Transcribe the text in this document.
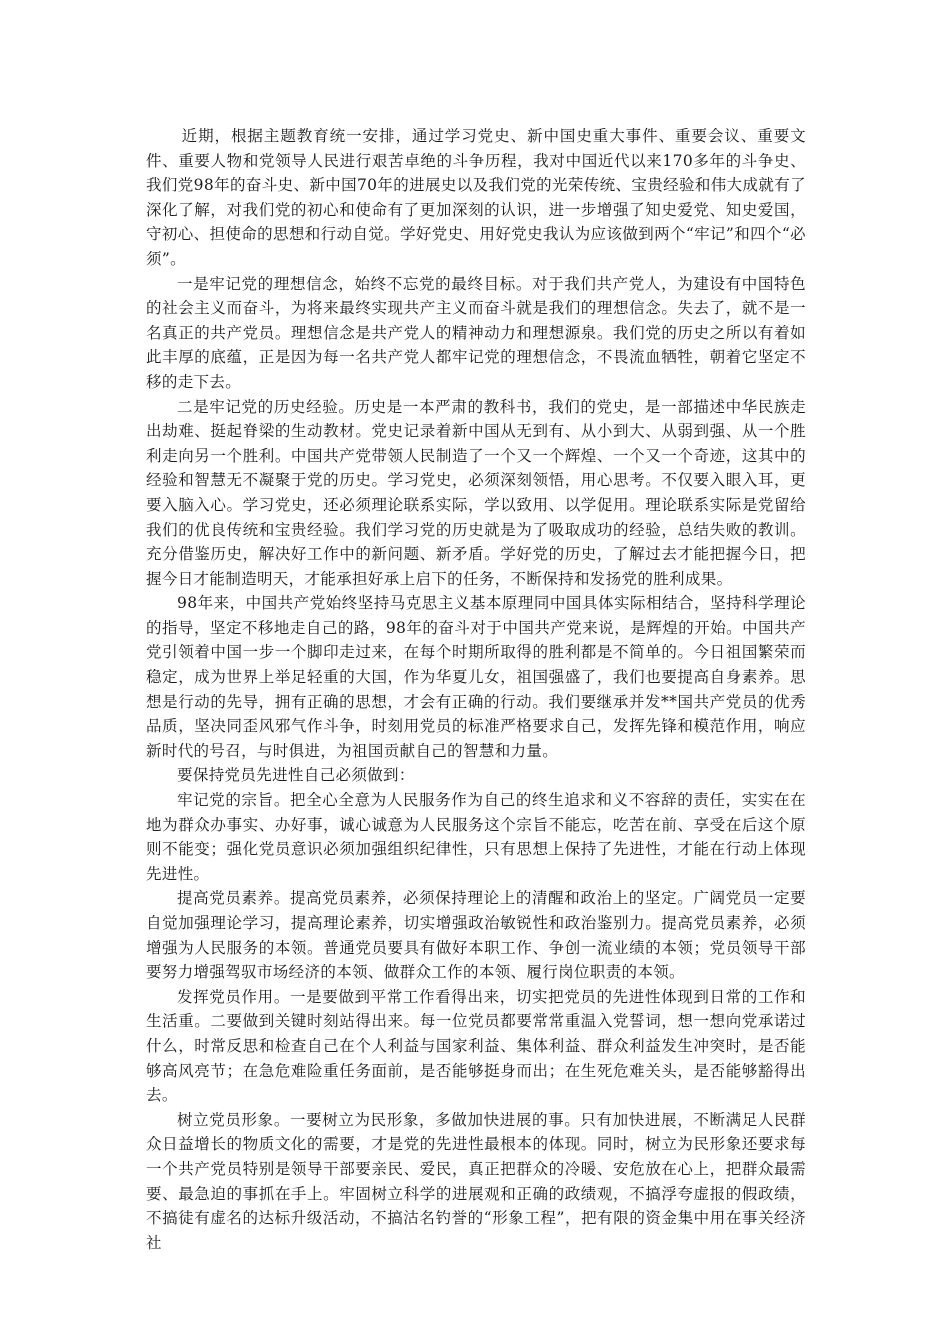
近期，根据主题教育统一安排，通过学习党史、新中国史重大事件、重要会议、重要文件、重要人物和党领导人民进行艰苦卓绝的斗争历程，我对中国近代以来170多年的斗争史、我们党98年的奋斗史、新中国70年的进展史以及我们党的光荣传统、宝贵经验和伟大成就有了深化了解，对我们党的初心和使命有了更加深刻的认识，进一步增强了知史爱党、知史爱国，守初心、担使命的思想和行动自觉。学好党史、用好党史我认为应该做到两个“牢记”和四个“必须”。

一是牢记党的理想信念，始终不忘党的最终目标。对于我们共产党人，为建设有中国特色的社会主义而奋斗，为将来最终实现共产主义而奋斗就是我们的理想信念。失去了，就不是一名真正的共产党员。理想信念是共产党人的精神动力和理想源泉。我们党的历史之所以有着如此丰厚的底蕴，正是因为每一名共产党人都牢记党的理想信念，不畏流血牺牲，朝着它坚定不移的走下去。

二是牢记党的历史经验。历史是一本严肃的教科书，我们的党史，是一部描述中华民族走出劫难、挺起脊梁的生动教材。党史记录着新中国从无到有、从小到大、从弱到强、从一个胜利走向另一个胜利。中国共产党带领人民制造了一个又一个辉煌、一个又一个奇迹，这其中的经验和智慧无不凝聚于党的历史。学习党史，必须深刻领悟，用心思考。不仅要入眼入耳，更要入脑入心。学习党史，还必须理论联系实际，学以致用、以学促用。理论联系实际是党留给我们的优良传统和宝贵经验。我们学习党的历史就是为了吸取成功的经验，总结失败的教训。充分借鉴历史，解决好工作中的新问题、新矛盾。学好党的历史，了解过去才能把握今日，把握今日才能制造明天，才能承担好承上启下的任务，不断保持和发扬党的胜利成果。

98年来，中国共产党始终坚持马克思主义基本原理同中国具体实际相结合，坚持科学理论的指导，坚定不移地走自己的路，98年的奋斗对于中国共产党来说，是辉煌的开始。中国共产党引领着中国一步一个脚印走过来，在每个时期所取得的胜利都是不简单的。今日祖国繁荣而稳定，成为世界上举足轻重的大国，作为华夏儿女，祖国强盛了，我们也要提高自身素养。思想是行动的先导，拥有正确的思想，才会有正确的行动。我们要继承并发**国共产党员的优秀品质，坚决同歪风邪气作斗争，时刻用党员的标准严格要求自己，发挥先锋和模范作用，响应新时代的号召，与时俱进，为祖国贡献自己的智慧和力量。

要保持党员先进性自己必须做到：

牢记党的宗旨。把全心全意为人民服务作为自己的终生追求和义不容辞的责任，实实在在地为群众办事实、办好事，诚心诚意为人民服务这个宗旨不能忘，吃苦在前、享受在后这个原则不能变；强化党员意识必须加强组织纪律性，只有思想上保持了先进性，才能在行动上体现先进性。

提高党员素养。提高党员素养，必须保持理论上的清醒和政治上的坚定。广阔党员一定要自觉加强理论学习，提高理论素养，切实增强政治敏锐性和政治鉴别力。提高党员素养，必须增强为人民服务的本领。普通党员要具有做好本职工作、争创一流业绩的本领；党员领导干部要努力增强驾驭市场经济的本领、做群众工作的本领、履行岗位职责的本领。

发挥党员作用。一是要做到平常工作看得出来，切实把党员的先进性体现到日常的工作和生活重。二要做到关键时刻站得出来。每一位党员都要常常重温入党誓词，想一想向党承诺过什么，时常反思和检查自己在个人利益与国家利益、集体利益、群众利益发生冲突时，是否能够高风亮节；在急危难险重任务面前，是否能够挺身而出；在生死危难关头，是否能够豁得出去。

树立党员形象。一要树立为民形象，多做加快进展的事。只有加快进展，不断满足人民群众日益增长的物质文化的需要，才是党的先进性最根本的体现。同时，树立为民形象还要求每一个共产党员特别是领导干部要亲民、爱民，真正把群众的冷暖、安危放在心上，把群众最需要、最急迫的事抓在手上。牢固树立科学的进展观和正确的政绩观，不搞浮夸虚报的假政绩，不搞徒有虚名的达标升级活动，不搞沽名钓誉的“形象工程”，把有限的资金集中用在事关经济社
